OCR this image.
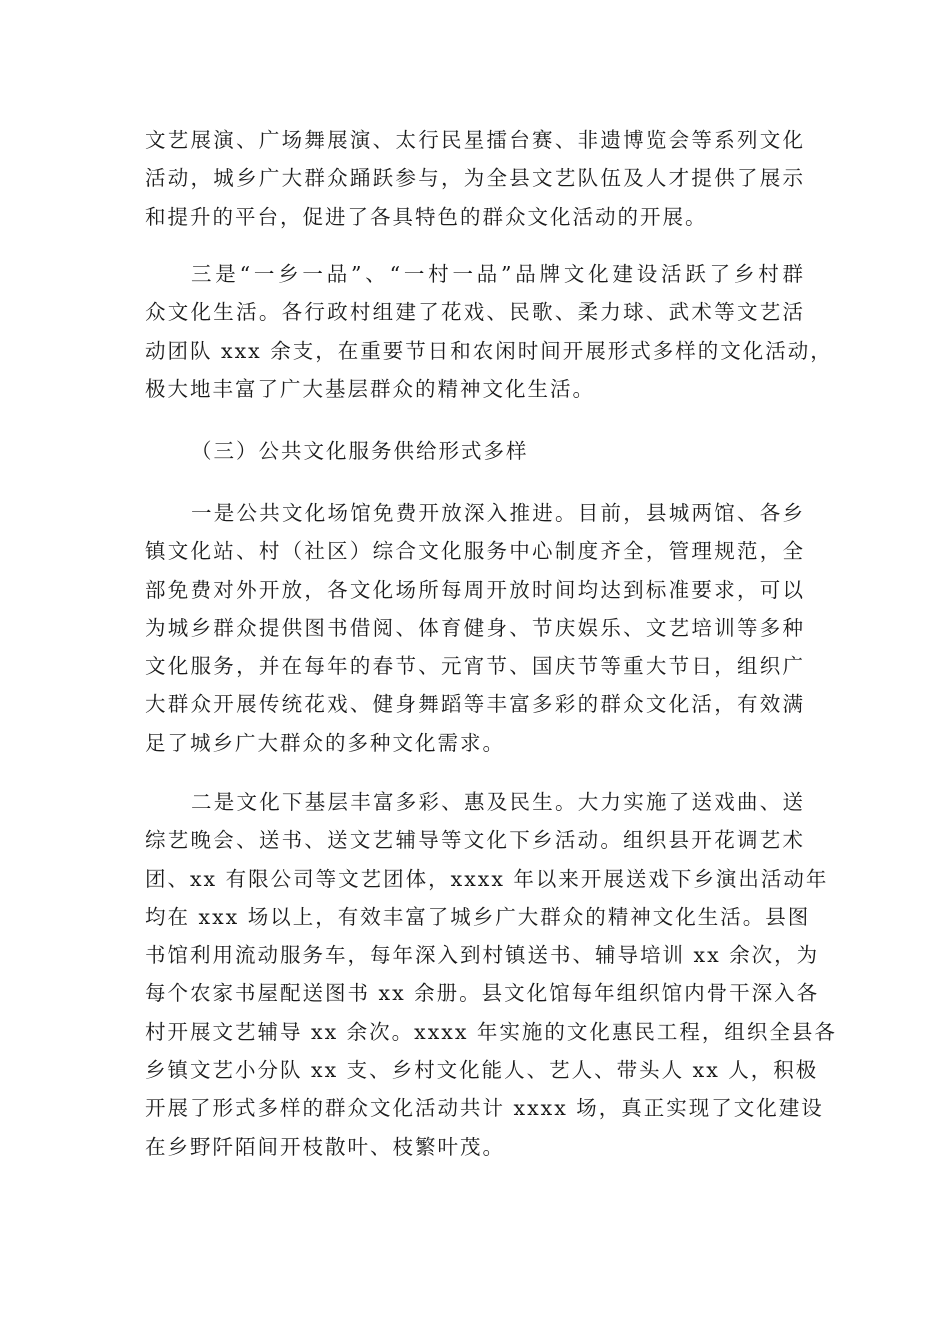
文艺展演、广场舞展演、太行民星擂台赛、非遗博览会等系列文化
活动，城乡广大群众踊跃参与，为全县文艺队伍及人才提供了展示
和提升的平台，促进了各具特色的群众文化活动的开展。
三是“一乡一品”、“一村一品”品牌文化建设活跃了乡村群
众文化生活。各行政村组建了花戏、民歌、柔力球、武术等文艺活
动团队 xxx 余支，在重要节日和农闲时间开展形式多样的文化活动，
极大地丰富了广大基层群众的精神文化生活。
（三）公共文化服务供给形式多样
一是公共文化场馆免费开放深入推进。目前，县城两馆、各乡
镇文化站、村（社区）综合文化服务中心制度齐全，管理规范，全
部免费对外开放，各文化场所每周开放时间均达到标准要求，可以
为城乡群众提供图书借阅、体育健身、节庆娱乐、文艺培训等多种
文化服务，并在每年的春节、元宵节、国庆节等重大节日，组织广
大群众开展传统花戏、健身舞蹈等丰富多彩的群众文化活，有效满
足了城乡广大群众的多种文化需求。
二是文化下基层丰富多彩、惠及民生。大力实施了送戏曲、送
综艺晚会、送书、送文艺辅导等文化下乡活动。组织县开花调艺术
团、xx 有限公司等文艺团体，xxxx 年以来开展送戏下乡演出活动年
均在 xxx 场以上，有效丰富了城乡广大群众的精神文化生活。县图
书馆利用流动服务车，每年深入到村镇送书、辅导培训 xx 余次，为
每个农家书屋配送图书 xx 余册。县文化馆每年组织馆内骨干深入各
村开展文艺辅导 xx 余次。xxxx 年实施的文化惠民工程，组织全县各
乡镇文艺小分队 xx 支、乡村文化能人、艺人、带头人 xx 人，积极
开展了形式多样的群众文化活动共计 xxxx 场，真正实现了文化建设
在乡野阡陌间开枝散叶、枝繁叶茂。
